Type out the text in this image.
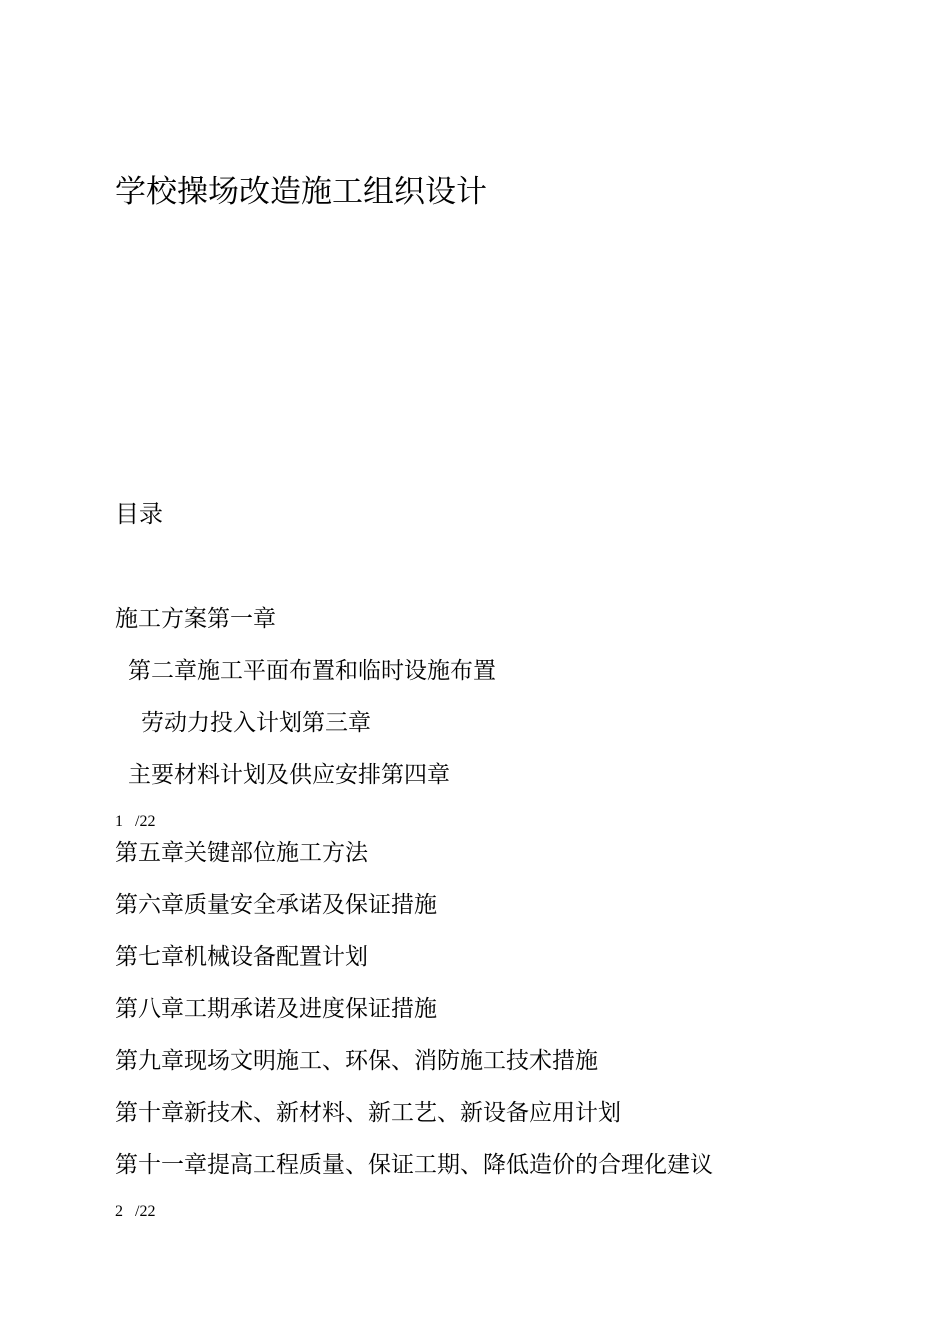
学校操场改造施工组织设计
目录
施工方案第一章
第二章施工平面布置和临时设施布置
劳动力投入计划第三章
主要材料计划及供应安排第四章
1   /22
第五章关键部位施工方法
第六章质量安全承诺及保证措施
第七章机械设备配置计划
第八章工期承诺及进度保证措施
第九章现场文明施工、环保、消防施工技术措施
第十章新技术、新材料、新工艺、新设备应用计划
第十一章提高工程质量、保证工期、降低造价的合理化建议
2   /22
